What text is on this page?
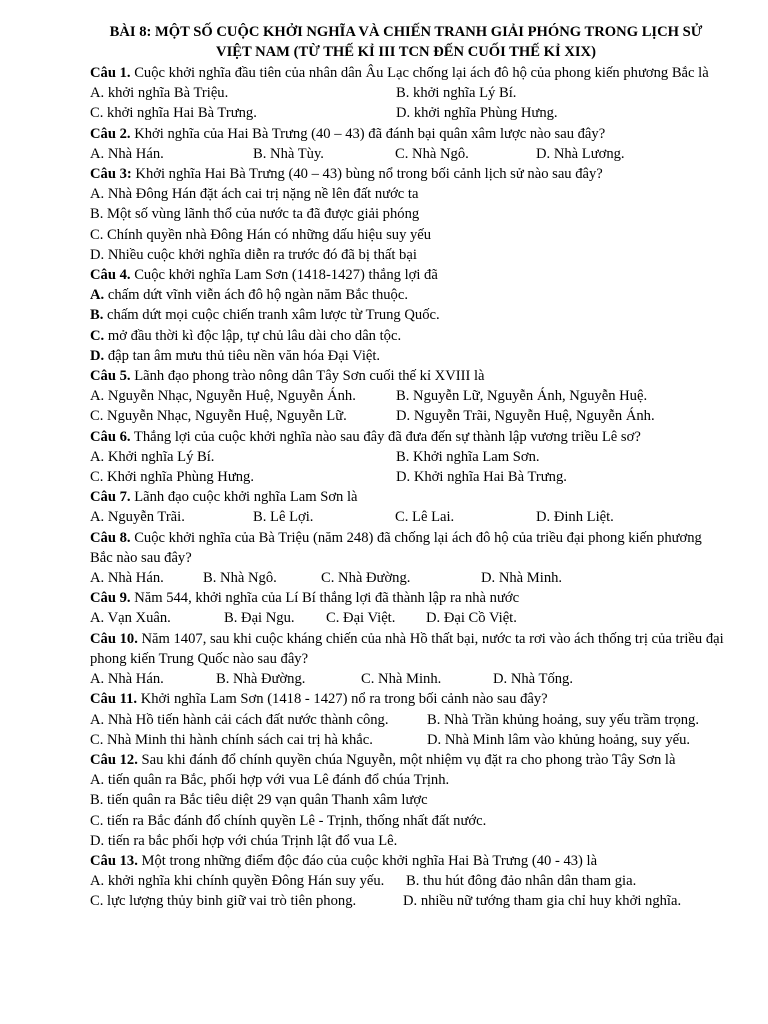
BÀI 8: MỘT SỐ CUỘC KHỞI NGHĨA VÀ CHIẾN TRANH GIẢI PHÓNG TRONG LỊCH SỬ
VIỆT NAM (TỪ THẾ KỈ III TCN ĐẾN CUỐI THẾ KỈ XIX)
Câu 1. Cuộc khởi nghĩa đầu tiên của nhân dân Âu Lạc chống lại ách đô hộ của phong kiến phương Bắc là
A. khởi nghĩa Bà Triệu.	B. khởi nghĩa Lý Bí.
C. khởi nghĩa Hai Bà Trưng.	D. khởi nghĩa Phùng Hưng.
Câu 2. Khởi nghĩa của Hai Bà Trưng (40 – 43) đã đánh bại quân xâm lược nào sau đây?
A. Nhà Hán.	B. Nhà Tùy.	C. Nhà Ngô.	D. Nhà Lương.
Câu 3: Khởi nghĩa Hai Bà Trưng (40 – 43) bùng nổ trong bối cảnh lịch sử nào sau đây?
A. Nhà Đông Hán đặt ách cai trị nặng nề lên đất nước ta
B. Một số vùng lãnh thổ của nước ta đã được giải phóng
C. Chính quyền nhà Đông Hán có những dấu hiệu suy yếu
D. Nhiều cuộc khởi nghĩa diễn ra trước đó đã bị thất bại
Câu 4. Cuộc khởi nghĩa Lam Sơn (1418-1427) thắng lợi đã
A. chấm dứt vĩnh viễn ách đô hộ ngàn năm Bắc thuộc.
B. chấm dứt mọi cuộc chiến tranh xâm lược từ Trung Quốc.
C. mở đầu thời kì độc lập, tự chủ lâu dài cho dân tộc.
D. đập tan âm mưu thủ tiêu nền văn hóa Đại Việt.
Câu 5. Lãnh đạo phong trào nông dân Tây Sơn cuối thế kỉ XVIII là
A. Nguyễn Nhạc, Nguyễn Huệ, Nguyễn Ánh.	B. Nguyễn Lữ, Nguyễn Ánh, Nguyễn Huệ.
C. Nguyễn Nhạc, Nguyễn Huệ, Nguyễn Lữ.	D. Nguyễn Trãi, Nguyễn Huệ, Nguyễn Ánh.
Câu 6. Thắng lợi của cuộc khởi nghĩa nào sau đây đã đưa đến sự thành lập vương triều Lê sơ?
A. Khởi nghĩa Lý Bí.	B. Khởi nghĩa Lam Sơn.
C. Khởi nghĩa Phùng Hưng.	D. Khởi nghĩa Hai Bà Trưng.
Câu 7. Lãnh đạo cuộc khởi nghĩa Lam Sơn là
A. Nguyễn Trãi.	B. Lê Lợi.	C. Lê Lai.	D. Đinh Liệt.
Câu 8. Cuộc khởi nghĩa của Bà Triệu (năm 248) đã chống lại ách đô hộ của triều đại phong kiến phương Bắc nào sau đây?
A. Nhà Hán.	B. Nhà Ngô.	C. Nhà Đường.	D. Nhà Minh.
Câu 9. Năm 544, khởi nghĩa của Lí Bí thắng lợi đã thành lập ra nhà nước
A. Vạn Xuân.	B. Đại Ngu.	C. Đại Việt.	D. Đại Cồ Việt.
Câu 10. Năm 1407, sau khi cuộc kháng chiến của nhà Hồ thất bại, nước ta rơi vào ách thống trị của triều đại phong kiến Trung Quốc nào sau đây?
A. Nhà Hán.	B. Nhà Đường.	C. Nhà Minh.	D. Nhà Tống.
Câu 11. Khởi nghĩa Lam Sơn (1418 - 1427) nổ ra trong bối cảnh nào sau đây?
A. Nhà Hồ tiến hành cải cách đất nước thành công.	B. Nhà Trần khủng hoảng, suy yếu trầm trọng.
C. Nhà Minh thi hành chính sách cai trị hà khắc.	D. Nhà Minh lâm vào khủng hoảng, suy yếu.
Câu 12. Sau khi đánh đổ chính quyền chúa Nguyễn, một nhiệm vụ đặt ra cho phong trào Tây Sơn là
A. tiến quân ra Bắc, phối hợp với vua Lê đánh đổ chúa Trịnh.
B. tiến quân ra Bắc tiêu diệt 29 vạn quân Thanh xâm lược
C. tiến ra Bắc đánh đổ chính quyền Lê - Trịnh, thống nhất đất nước.
D. tiến ra bắc phối hợp với chúa Trịnh lật đổ vua Lê.
Câu 13. Một trong những điểm độc đáo của cuộc khởi nghĩa Hai Bà Trưng (40 - 43) là
A. khởi nghĩa khi chính quyền Đông Hán suy yếu.	B. thu hút đông đảo nhân dân tham gia.
C. lực lượng thủy binh giữ vai trò tiên phong.	D. nhiều nữ tướng tham gia chỉ huy khởi nghĩa.
